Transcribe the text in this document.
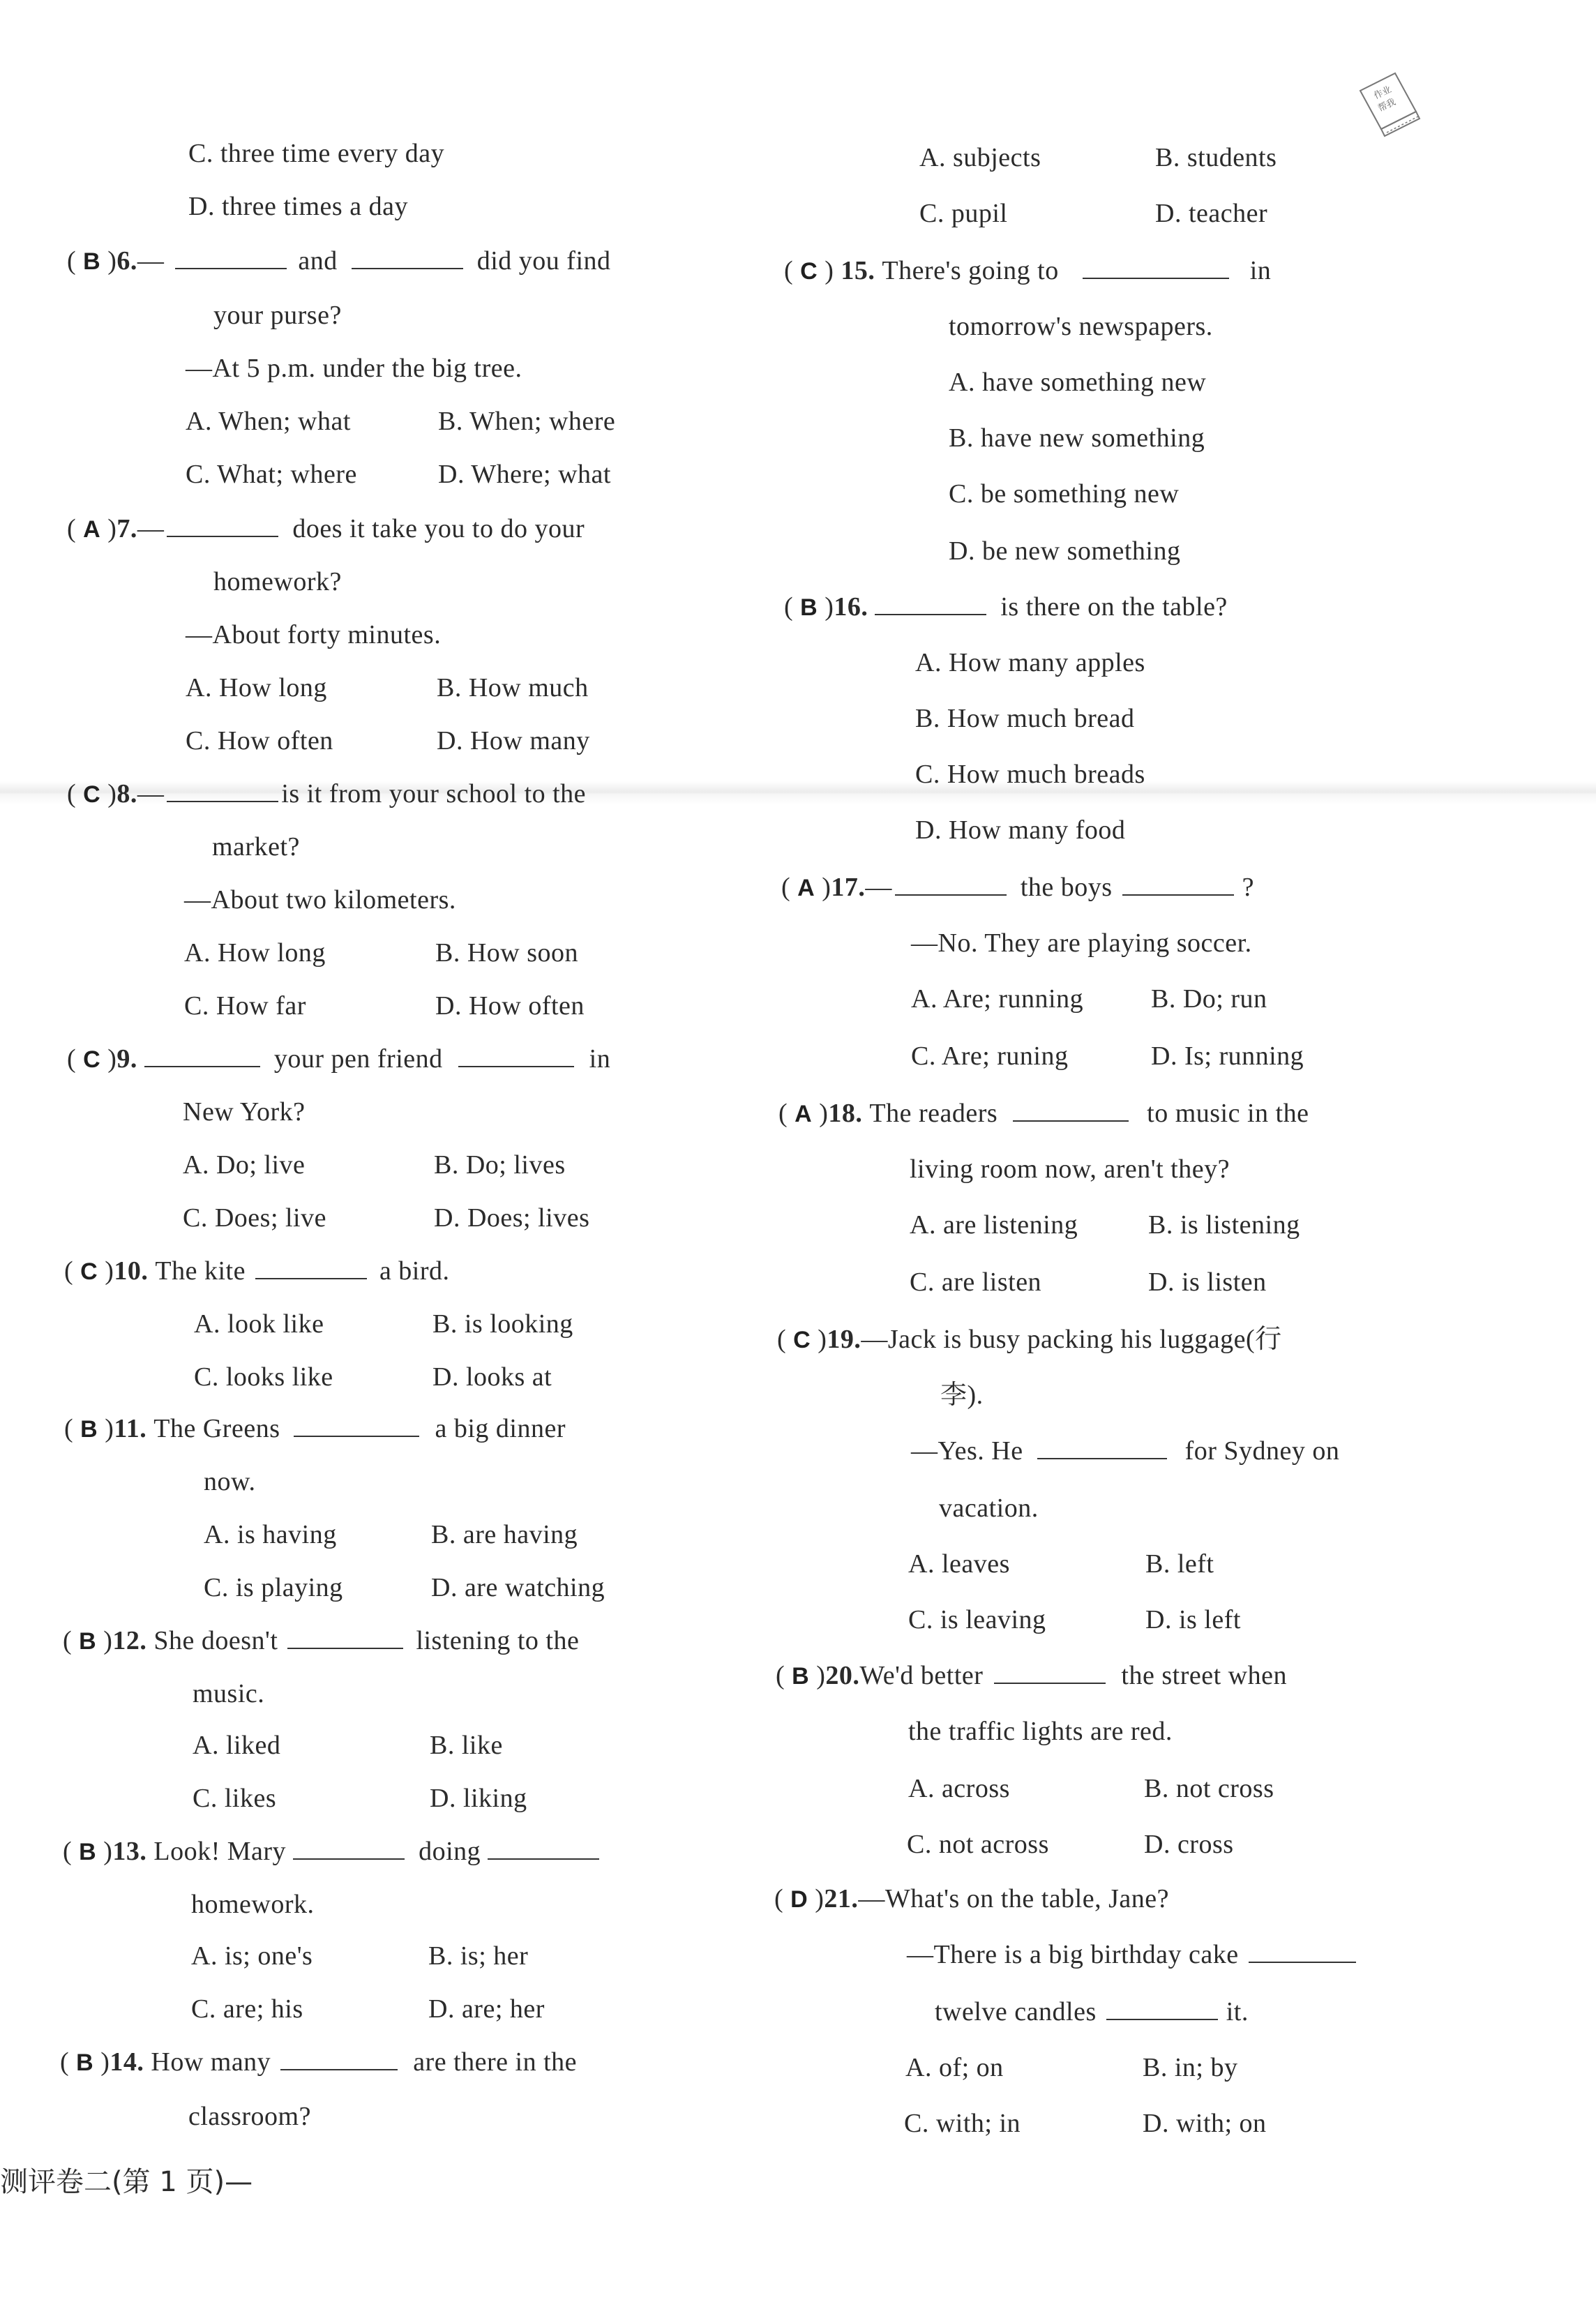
作业
帮我
C. three time every day
D. three times a day
( B )6.—	and	did you find
your purse?
—At 5 p.m. under the big tree.
A. When; what	B. When; where
C. What; where	D. Where; what
( A )7.—	does it take you to do your
homework?
—About forty minutes.
A. How long	B. How much
C. How often	D. How many
( C )8.—	is it from your school to the
market?
—About two kilometers.
A. How long	B. How soon
C. How far	D. How often
( C )9.	your pen friend	in
New York?
A. Do; live	B. Do; lives
C. Does; live	D. Does; lives
( C )10. The kite	a bird.
A. look like	B. is looking
C. looks like	D. looks at
( B )11. The Greens	a big dinner
now.
A. is having	B. are having
C. is playing	D. are watching
( B )12. She doesn't	listening to the
music.
A. liked	B. like
C. likes	D. liking
( B )13. Look! Mary	doing
homework.
A. is; one's	B. is; her
C. are; his	D. are; her
( B )14. How many	are there in the
classroom?
测评卷二(第 1 页)—
A. subjects	B. students
C. pupil	D. teacher
( C ) 15. There's going to	in
tomorrow's newspapers.
A. have something new
B. have new something
C. be something new
D. be new something
( B )16.	is there on the table?
A. How many apples
B. How much bread
C. How much breads
D. How many food
( A )17.—	the boys	?
—No. They are playing soccer.
A. Are; running	B. Do; run
C. Are; runing	D. Is; running
( A )18. The readers	to music in the
living room now, aren't they?
A. are listening	B. is listening
C. are listen	D. is listen
( C )19.—Jack is busy packing his luggage(行
李).
—Yes. He	for Sydney on
vacation.
A. leaves	B. left
C. is leaving	D. is left
( B )20.We'd better	the street when
the traffic lights are red.
A. across	B. not cross
C. not across	D. cross
( D )21.—What's on the table, Jane?
—There is a big birthday cake
twelve candles	it.
A. of; on	B. in; by
C. with; in	D. with; on
